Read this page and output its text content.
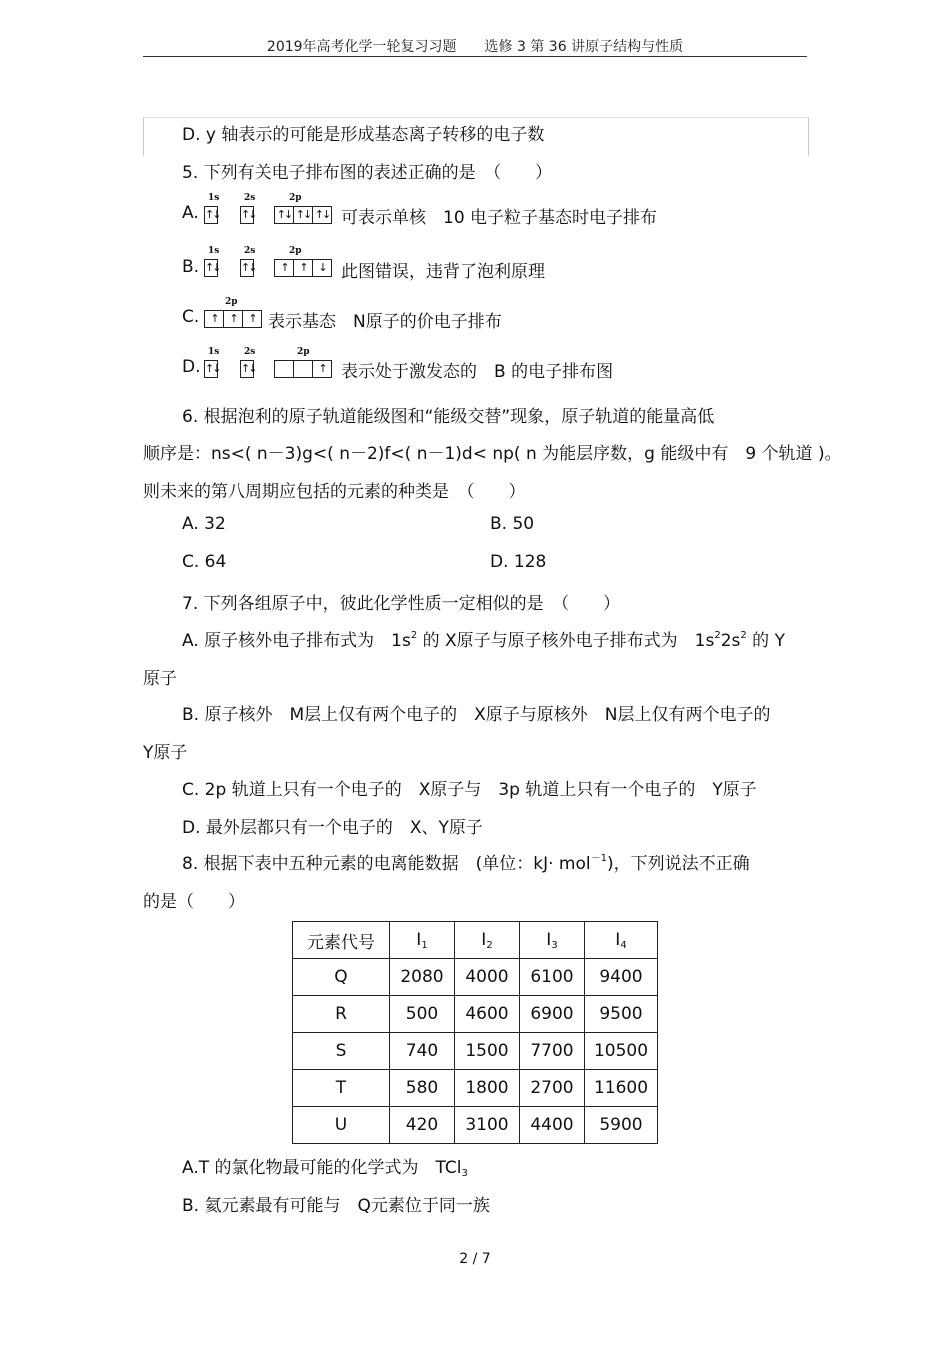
2019年高考化学一轮复习习题　　选修 3 第 36 讲原子结构与性质
D. y 轴表示的可能是形成基态离子转移的电子数
5. 下列有关电子排布图的表述正确的是　（　　）
A.
1s
↑↓
2s
↑↓
2p
↑↓ ↑↓ ↑↓ 可表示单核　10 电子粒子基态时电子排布
B.
1s
↑↓
2s
↑↓
2p
↑	↑	↓ 此图错误，违背了泡利原理
C.
2p
↑	↑	↑ 表示基态　N原子的价电子排布
D.
1s
↑↓
2s
↑↓
2p
↑ 表示处于激发态的　B 的电子排布图
6. 根据泡利的原子轨道能级图和“能级交替”现象，原子轨道的能量高低
顺序是：ns<( n－3)g<( n－2)f<( n－1)d< np( n 为能层序数，g 能级中有　9 个轨道 )。
则未来的第八周期应包括的元素的种类是　（　　）
A. 32	B. 50
C. 64	D. 128
7. 下列各组原子中，彼此化学性质一定相似的是　（　　）
A. 原子核外电子排布式为　$1s^2$ 的 X原子与原子核外电子排布式为　$1s^22s^2$ 的 Y
原子
B. 原子核外　M层上仅有两个电子的　X原子与原核外　N层上仅有两个电子的
Y原子
C. 2p 轨道上只有一个电子的　X原子与　3p 轨道上只有一个电子的　Y原子
D. 最外层都只有一个电子的　X、Y原子
8. 根据下表中五种元素的电离能数据　(单位：kJ· mol$^{-1}$)，下列说法不正确
的是（　　）
元素代号	$I_1$	$I_2$	$I_3$	$I_4$
Q	2080	4000	6100	9400
R	500	4600	6900	9500
S	740	1500	7700	10500
T	580	1800	2700	11600
U	420	3100	4400	5900
A.T 的氯化物最可能的化学式为　TCl$_3$
B. 氦元素最有可能与　Q元素位于同一族
2 / 7
